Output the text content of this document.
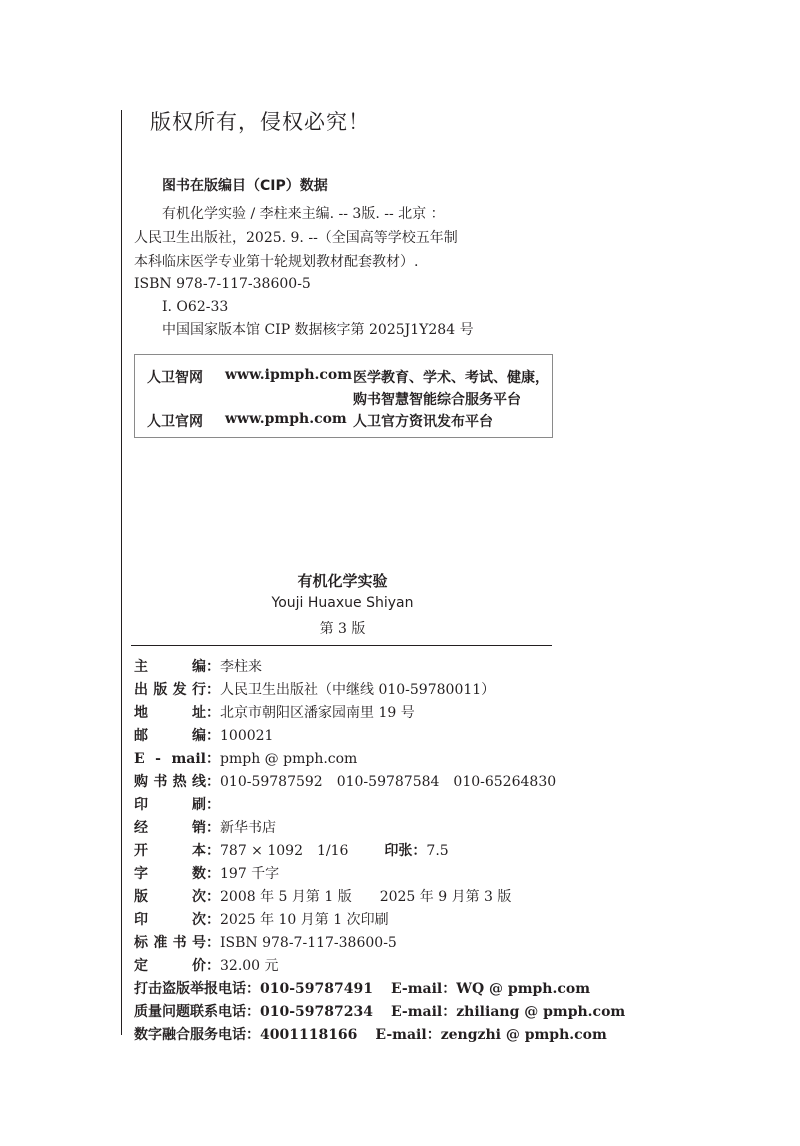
版权所有，侵权必究！
图书在版编目（CIP）数据
有机化学实验 / 李柱来主编. -- 3版. -- 北京 ：
人民卫生出版社，2025. 9. --（全国高等学校五年制
本科临床医学专业第十轮规划教材配套教材）.
ISBN 978-7-117-38600-5
Ⅰ. O62-33
中国国家版本馆 CIP 数据核字第 2025J1Y284 号
人卫智网 www.ipmph.com 医学教育、学术、考试、健康，
购书智慧智能综合服务平台
人卫官网 www.pmph.com 人卫官方资讯发布平台
有机化学实验
Youji Huaxue Shiyan
第 3 版
主编：李柱来
出版发行：人民卫生出版社（中继线 010-59780011）
地址：北京市朝阳区潘家园南里 19 号
邮编：100021
E - mail：pmph @ pmph.com
购书热线：010-59787592　010-59787584　010-65264830
印刷：
经销：新华书店
开本：787 × 1092　1/16	印张：7.5
字数：197 千字
版次：2008 年 5 月第 1 版　　2025 年 9 月第 3 版
印次：2025 年 10 月第 1 次印刷
标准书号：ISBN 978-7-117-38600-5
定价：32.00 元
打击盗版举报电话：010-59787491 E-mail：WQ @ pmph.com
质量问题联系电话：010-59787234 E-mail：zhiliang @ pmph.com
数字融合服务电话：4001118166 E-mail：zengzhi @ pmph.com
